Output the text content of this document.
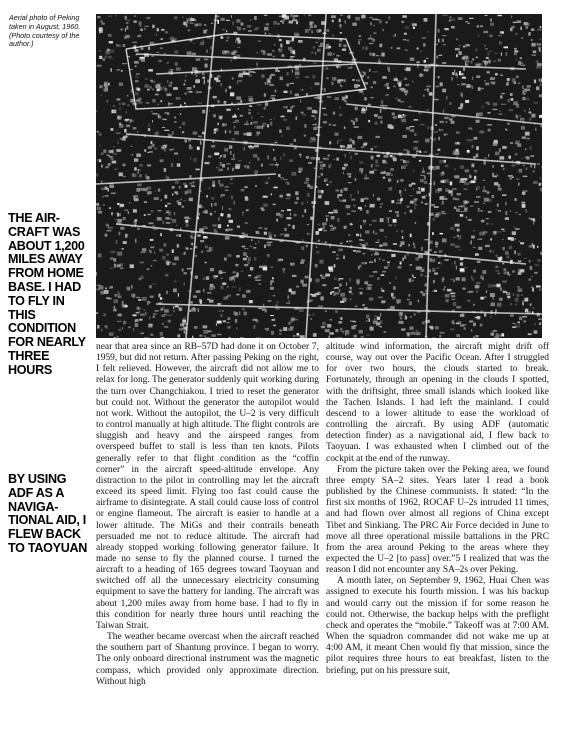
Aerial photo of Peking
taken in August, 1960.
(Photo courtesy of the
author.)
THE AIR-
CRAFT WAS
ABOUT 1,200
MILES AWAY
FROM HOME
BASE. I HAD
TO FLY IN
THIS
CONDITION
FOR NEARLY
THREE
HOURS
BY USING
ADF AS A
NAVIGA-
TIONAL AID, I
FLEW BACK
TO TAOYUAN

near that area since an RB–57D had done it on October 7, 1959, but did not return. After passing Peking on the right, I felt relieved. However, the aircraft did not allow me to relax for long. The generator suddenly quit working during the turn over Changchiakou. I tried to reset the generator but could not. Without the generator the autopilot would not work. Without the autopilot, the U–2 is very difficult to control manually at high altitude. The flight controls are sluggish and heavy and the airspeed ranges from overspeed buffet to stall is less than ten knots. Pilots generally refer to that flight condition as the “coffin corner” in the aircraft speed-altitude envelope. Any distraction to the pilot in controlling may let the aircraft exceed its speed limit. Flying too fast could cause the airframe to disintegrate. A stall could cause loss of control or engine flameout. The aircraft is easier to handle at a lower altitude. The MiGs and their contrails beneath persuaded me not to reduce altitude. The aircraft had already stopped working following generator failure. It made no sense to fly the planned course. I turned the aircraft to a heading of 165 degrees toward Taoyuan and switched off all the unnecessary electricity consuming equipment to save the battery for landing. The aircraft was about 1,200 miles away from home base. I had to fly in this condition for nearly three hours until reaching the Taiwan Strait.

The weather became overcast when the aircraft reached the southern part of Shantung province. I began to worry. The only onboard directional instrument was the magnetic compass, which provided only approximate direction. Without high

altitude wind information, the aircraft might drift off course, way out over the Pacific Ocean. After I struggled for over two hours, the clouds started to break. Fortunately, through an opening in the clouds I spotted, with the driftsight, three small islands which looked like the Tachen Islands. I had left the mainland. I could descend to a lower altitude to ease the workload of controlling the aircraft. By using ADF (automatic detection finder) as a navigational aid, I flew back to Taoyuan. I was exhausted when I climbed out of the cockpit at the end of the runway.

From the picture taken over the Peking area, we found three empty SA–2 sites. Years later I read a book published by the Chinese communists. It stated: “In the first six months of 1962, ROCAF U–2s intruded 11 times, and had flown over almost all regions of China except Tibet and Sinkiang. The PRC Air Force decided in June to move all three operational missile battalions in the PRC from the area around Peking to the areas where they expected the U–2 [to pass] over.”5 I realized that was the reason I did not encounter any SA–2s over Peking.

A month later, on September 9, 1962, Huai Chen was assigned to execute his fourth mission. I was his backup and would carry out the mission if for some reason he could not. Otherwise, the backup helps with the preflight check and operates the “mobile.” Takeoff was at 7:00 AM. When the squadron commander did not wake me up at 4:00 AM, it meant Chen would fly that mission, since the pilot requires three hours to eat breakfast, listen to the briefing, put on his pressure suit,
